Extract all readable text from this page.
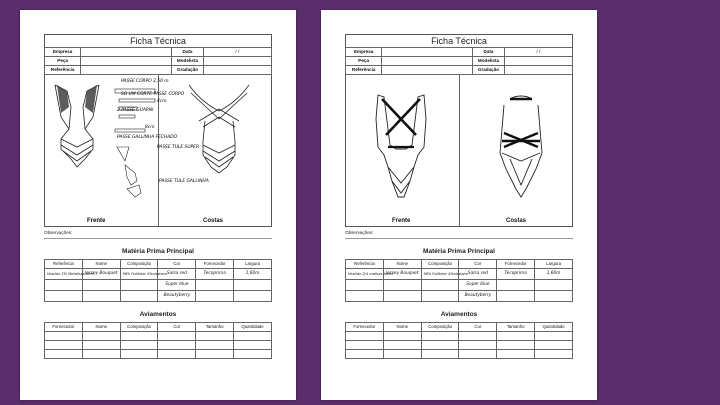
Ficha Técnica
Empresa		Data	/ /
Peça		Modelista	
Referência		Gradação	
PASSE CORPO 2,50 m
SO UM CORTE PASSE CORPO
2 PASSE GUARNI
4cm
8cm
PASSE GALLINHA FECHADO
PASSE TULE SUPER
PASSE TULE GALLINHA
Frente	Costas
Observações:
Matéria Prima Principal
Referência	Nome	Composição	Cor	Fornecedor	Largura
Vestido 2% Metalhas forro	Jersey Bouquet	96% Poliéster 4%elastano	Salsa red	Tecoprima	1,60m
			Super blue		
			Beautyberry		
Aviamentos
Fornecedor	Nome	Composição	Cor	Tamanho	Quantidade

Ficha Técnica
Empresa		Data	/ /
Peça		Modelista	
Referência		Gradação	
Frente	Costas
Observações:
Matéria Prima Principal
Referência	Nome	Composição	Cor	Fornecedor	Largura
Vestido 2/4 malhas leves	Jersey Bouquet	96% Poliéster 4%elastano	Salsa red	Tecoprima	1,60m
			Super blue		
			Beautyberry		
Aviamentos
Fornecedor	Nome	Composição	Cor	Tamanho	Quantidade
